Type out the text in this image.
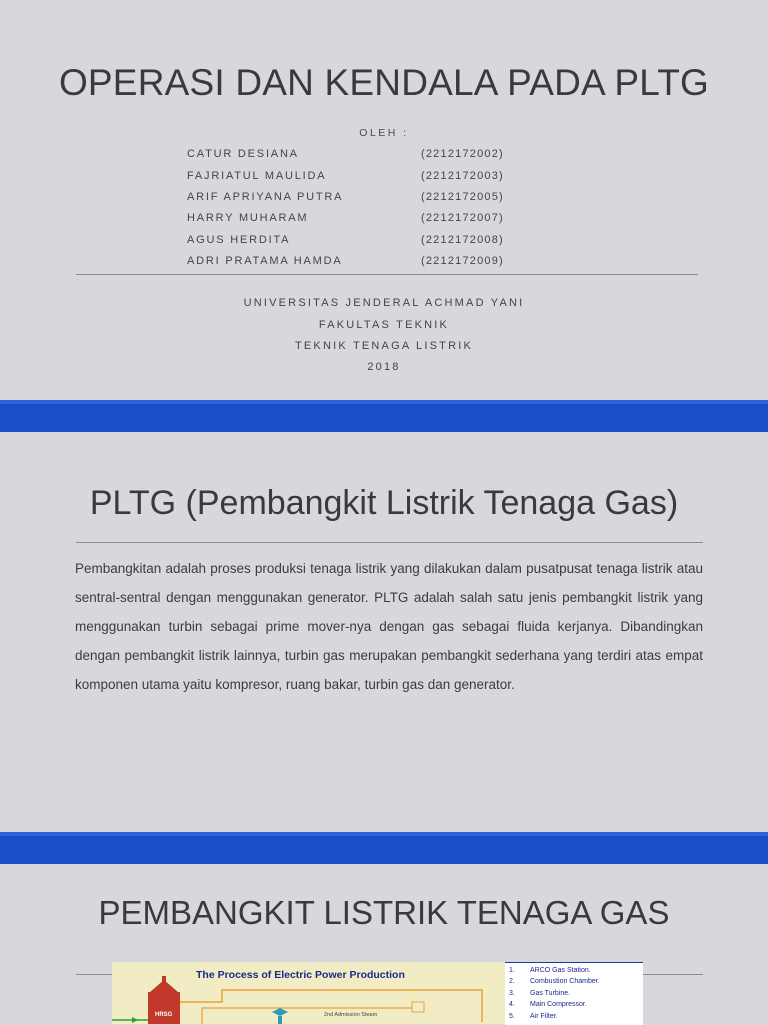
OPERASI DAN KENDALA PADA PLTG
OLEH :
CATUR DESIANA	(2212172002)
FAJRIATUL MAULIDA	(2212172003)
ARIF APRIYANA PUTRA	(2212172005)
HARRY MUHARAM	(2212172007)
AGUS HERDITA	(2212172008)
ADRI PRATAMA HAMDA	(2212172009)
UNIVERSITAS JENDERAL ACHMAD YANI
FAKULTAS TEKNIK
TEKNIK TENAGA LISTRIK
2018
PLTG (Pembangkit Listrik Tenaga Gas)

Pembangkitan adalah proses produksi tenaga listrik yang dilakukan dalam pusatpusat tenaga listrik atau sentral-sentral dengan menggunakan generator. PLTG adalah salah satu jenis pembangkit listrik yang menggunakan turbin sebagai prime mover-nya dengan gas sebagai fluida kerjanya. Dibandingkan dengan pembangkit listrik lainnya, turbin gas merupakan pembangkit sederhana yang terdiri atas empat komponen utama yaitu kompresor, ruang bakar, turbin gas dan generator.

PEMBANGKIT LISTRIK TENAGA GAS
HRSG	2nd Admission Steam
The Process of Electric Power Production	1. ARCO Gas Station.
2. Combustion Chamber.
3. Gas Turbine.
4. Main Compressor.
5. Air Filter.
